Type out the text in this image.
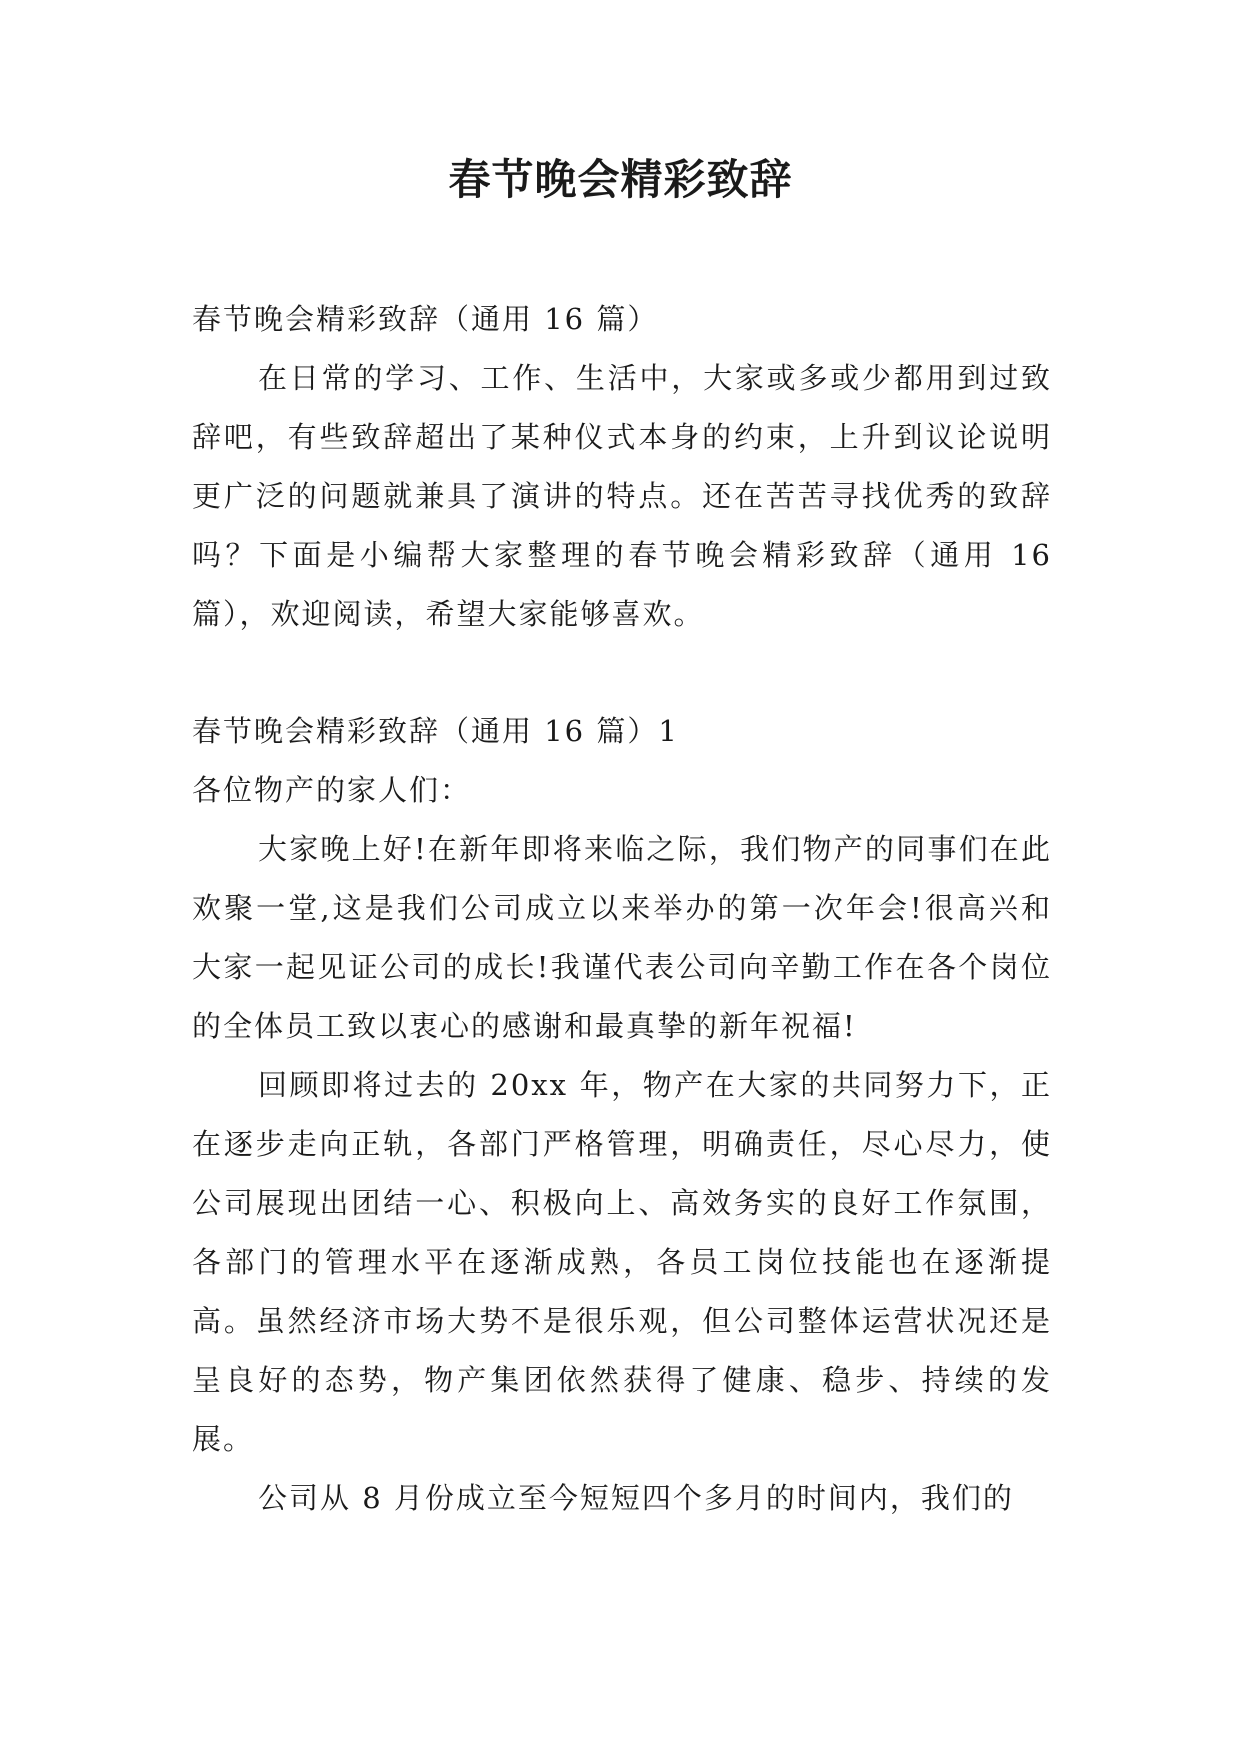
春节晚会精彩致辞

春节晚会精彩致辞（通用 16 篇）

在日常的学习、工作、生活中，大家或多或少都用到过致辞吧，有些致辞超出了某种仪式本身的约束，上升到议论说明更广泛的问题就兼具了演讲的特点。还在苦苦寻找优秀的致辞吗？下面是小编帮大家整理的春节晚会精彩致辞（通用 16 篇），欢迎阅读，希望大家能够喜欢。

春节晚会精彩致辞（通用 16 篇）1

各位物产的家人们：

大家晚上好!在新年即将来临之际，我们物产的同事们在此欢聚一堂,这是我们公司成立以来举办的第一次年会!很高兴和大家一起见证公司的成长!我谨代表公司向辛勤工作在各个岗位的全体员工致以衷心的感谢和最真挚的新年祝福!

回顾即将过去的 20xx 年，物产在大家的共同努力下，正在逐步走向正轨，各部门严格管理，明确责任，尽心尽力，使公司展现出团结一心、积极向上、高效务实的良好工作氛围，各部门的管理水平在逐渐成熟，各员工岗位技能也在逐渐提高。虽然经济市场大势不是很乐观，但公司整体运营状况还是呈良好的态势，物产集团依然获得了健康、稳步、持续的发展。

公司从 8 月份成立至今短短四个多月的时间内，我们的
